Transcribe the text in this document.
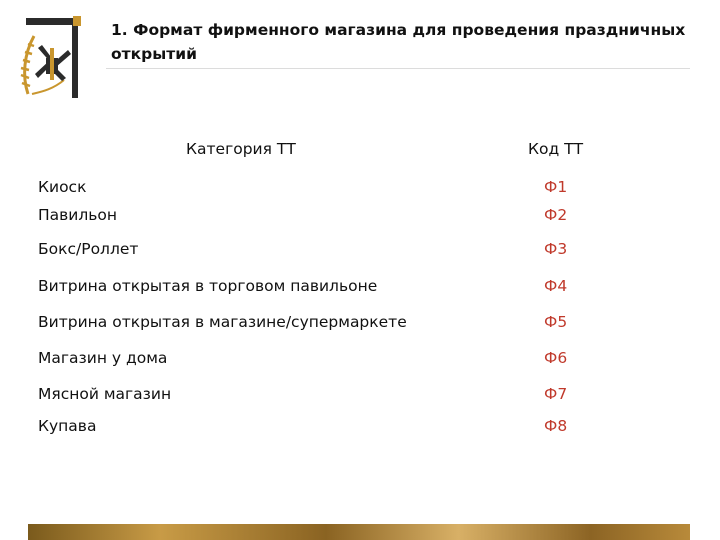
1. Формат фирменного магазина для проведения праздничных открытий
Категория ТТ	Код ТТ
Киоск	Ф1
Павильон	Ф2
Бокс/Роллет	Ф3
Витрина открытая в торговом павильоне	Ф4
Витрина открытая в магазине/супермаркете	Ф5
Магазин у дома	Ф6
Мясной магазин	Ф7
Купава	Ф8
